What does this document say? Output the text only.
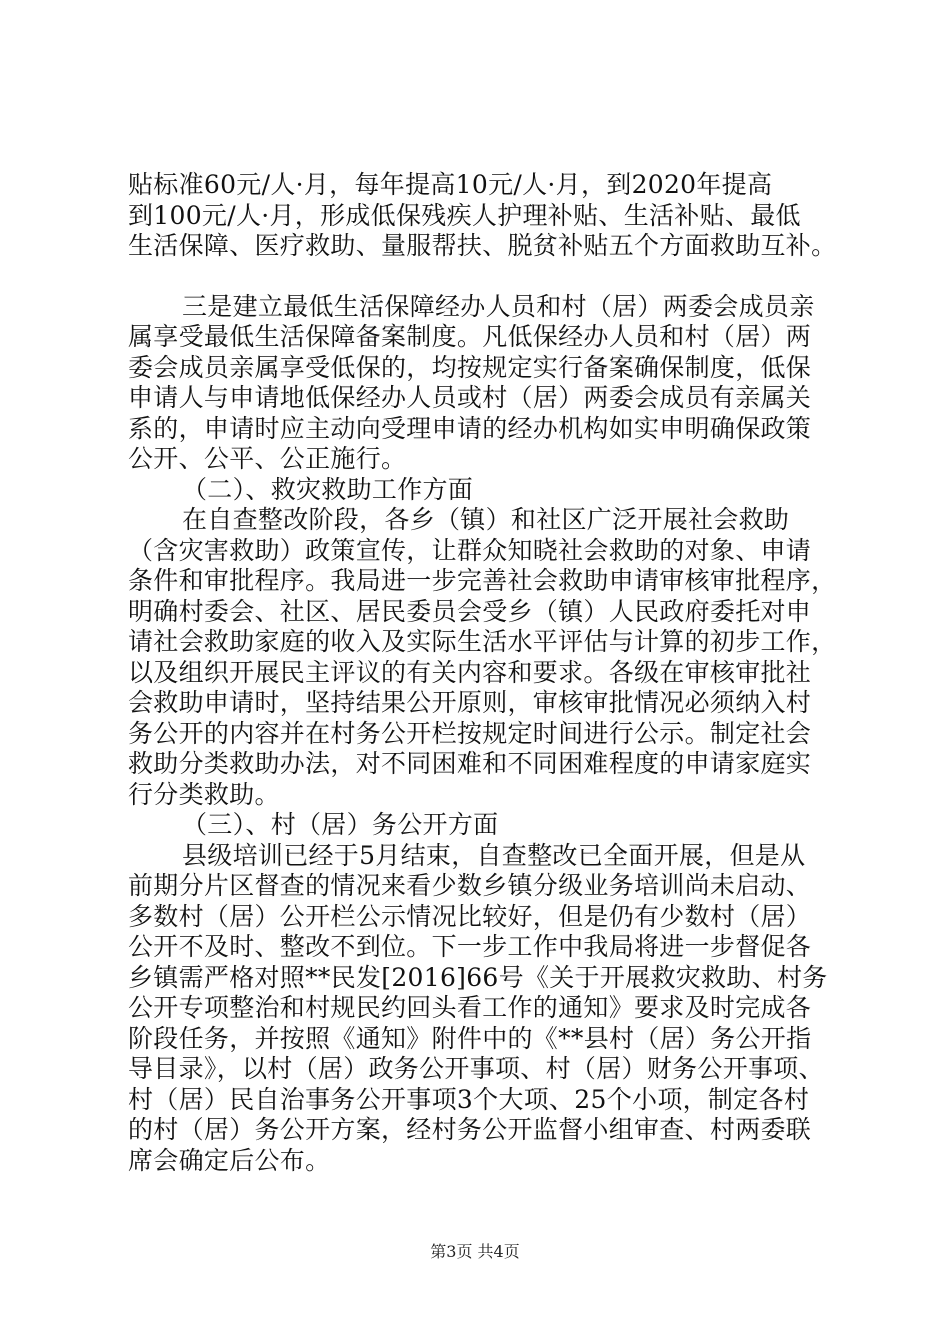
贴标准60元/人·月，每年提高10元/人·月，到2020年提高
到100元/人·月，形成低保残疾人护理补贴、生活补贴、最低
生活保障、医疗救助、量服帮扶、脱贫补贴五个方面救助互补。
三是建立最低生活保障经办人员和村（居）两委会成员亲
属享受最低生活保障备案制度。凡低保经办人员和村（居）两
委会成员亲属享受低保的，均按规定实行备案确保制度，低保
申请人与申请地低保经办人员或村（居）两委会成员有亲属关
系的，申请时应主动向受理申请的经办机构如实申明确保政策
公开、公平、公正施行。
（二）、救灾救助工作方面
在自查整改阶段，各乡（镇）和社区广泛开展社会救助
（含灾害救助）政策宣传，让群众知晓社会救助的对象、申请
条件和审批程序。我局进一步完善社会救助申请审核审批程序，
明确村委会、社区、居民委员会受乡（镇）人民政府委托对申
请社会救助家庭的收入及实际生活水平评估与计算的初步工作，
以及组织开展民主评议的有关内容和要求。各级在审核审批社
会救助申请时，坚持结果公开原则，审核审批情况必须纳入村
务公开的内容并在村务公开栏按规定时间进行公示。制定社会
救助分类救助办法，对不同困难和不同困难程度的申请家庭实
行分类救助。
（三）、村（居）务公开方面
县级培训已经于5月结束，自查整改已全面开展，但是从
前期分片区督查的情况来看少数乡镇分级业务培训尚未启动、
多数村（居）公开栏公示情况比较好，但是仍有少数村（居）
公开不及时、整改不到位。下一步工作中我局将进一步督促各
乡镇需严格对照**民发[2016]66号《关于开展救灾救助、村务
公开专项整治和村规民约回头看工作的通知》要求及时完成各
阶段任务，并按照《通知》附件中的《**县村（居）务公开指
导目录》，以村（居）政务公开事项、村（居）财务公开事项、
村（居）民自治事务公开事项3个大项、25个小项，制定各村
的村（居）务公开方案，经村务公开监督小组审查、村两委联
席会确定后公布。
第3页 共4页
